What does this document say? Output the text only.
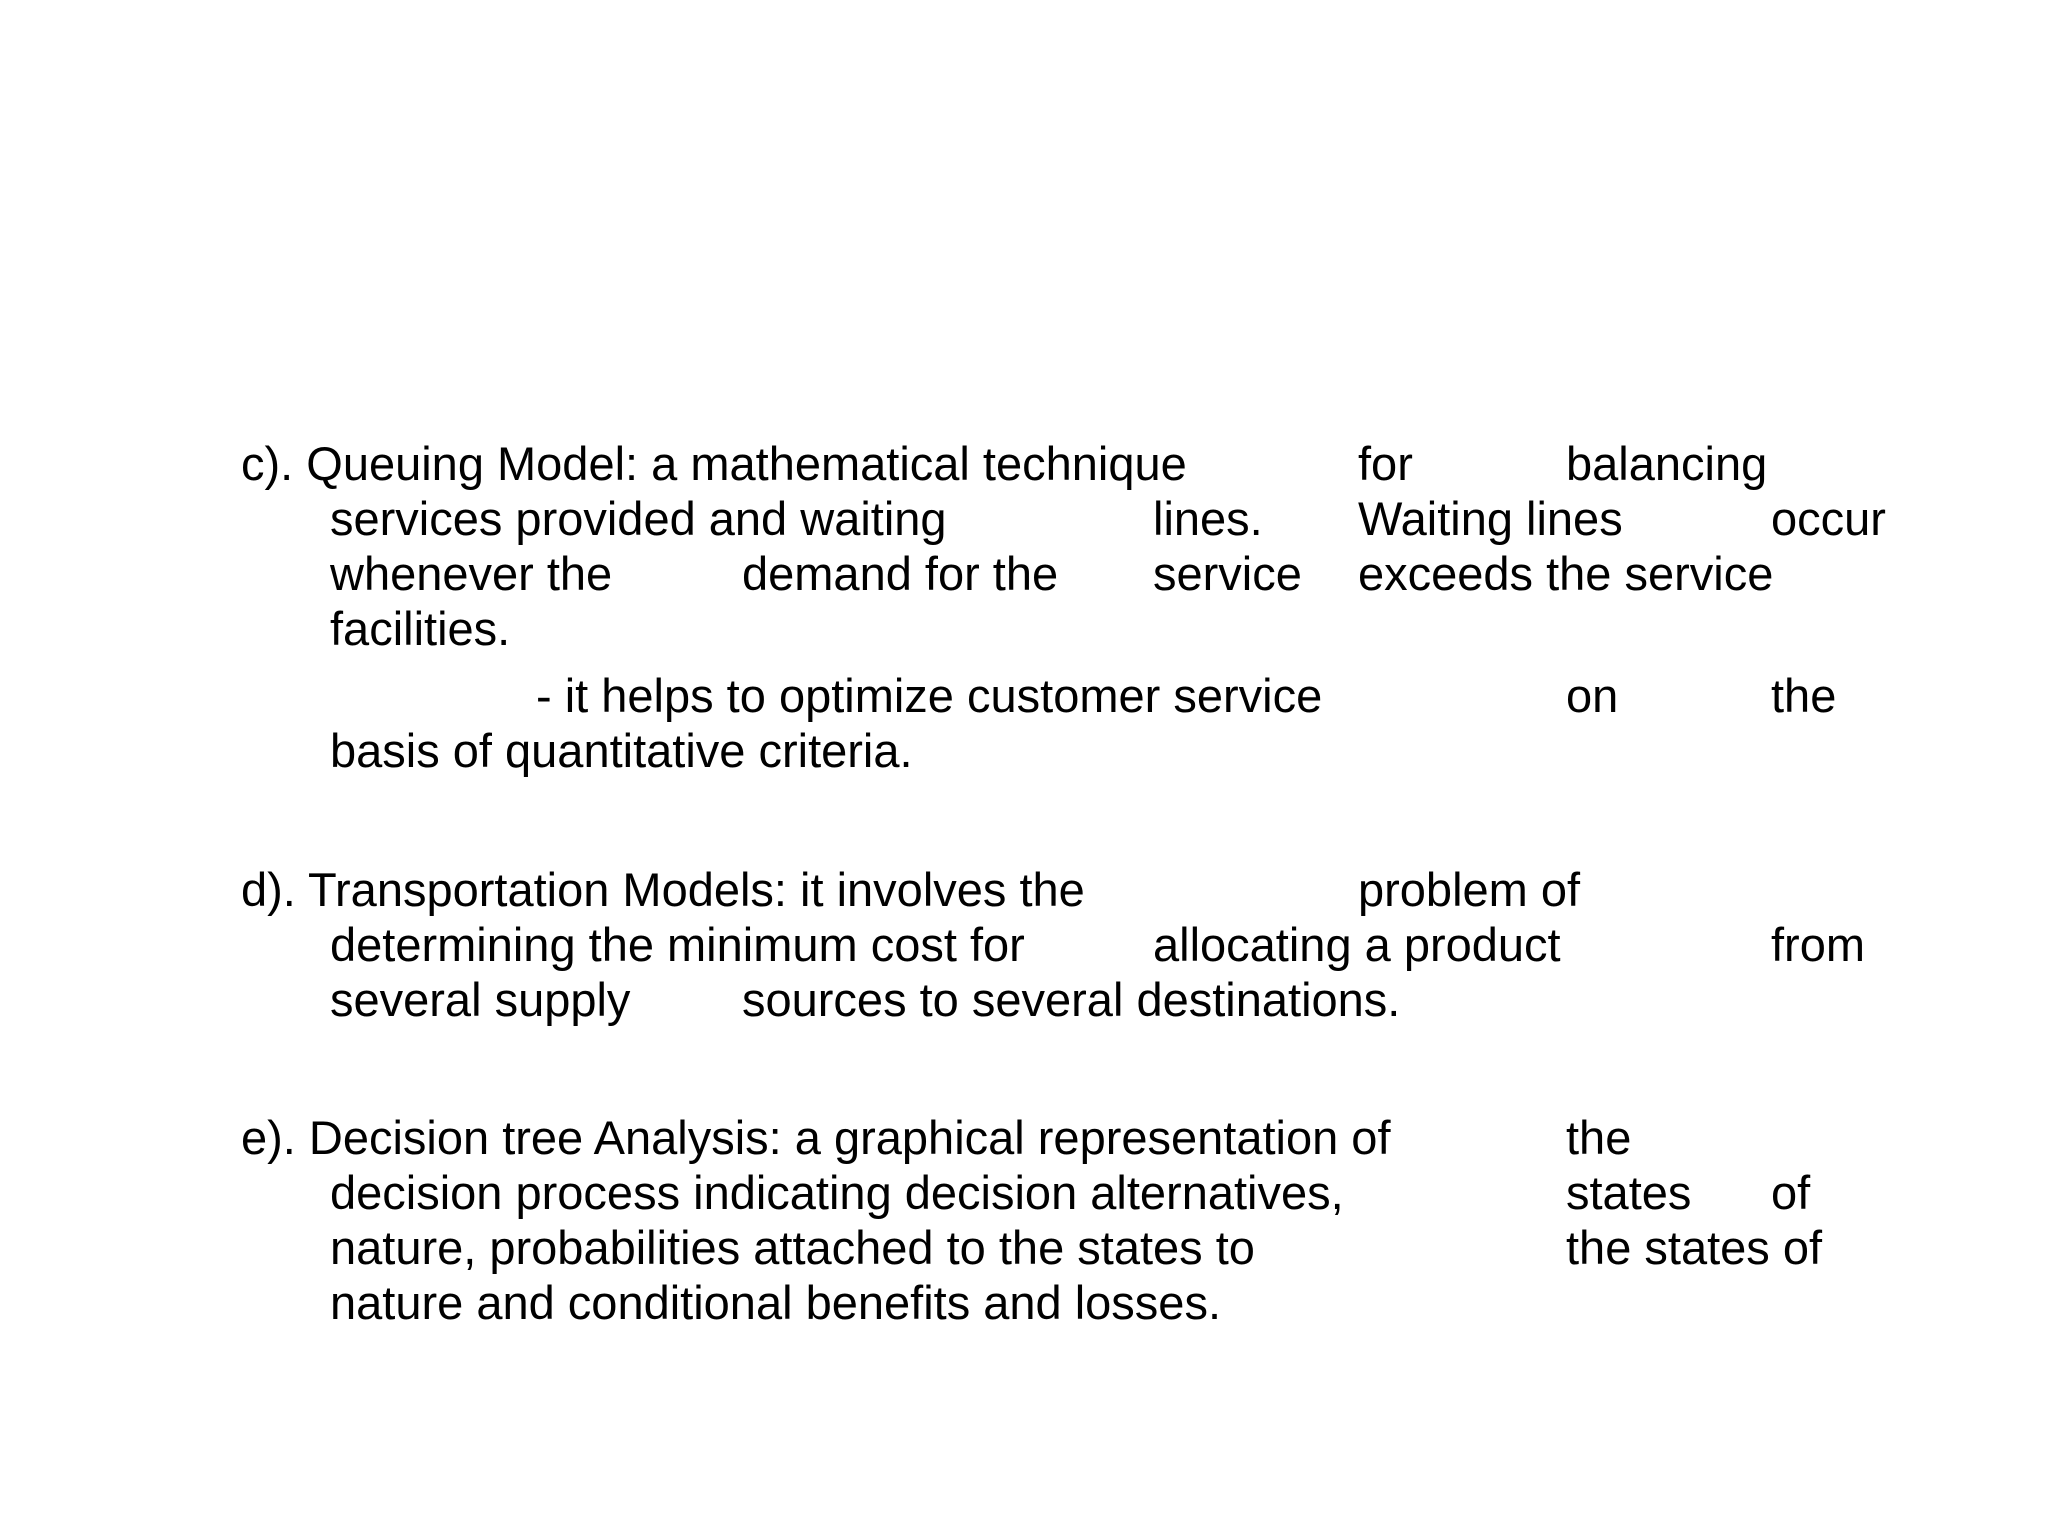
c). Queuing Model: a mathematical technique	for	balancing
services provided and waiting	lines. Waiting lines	occur
whenever the	demand for the service exceeds the service
facilities.
- it helps to optimize customer service	on	the
basis of quantitative criteria.
d). Transportation Models: it involves the	problem of
determining the minimum cost for	allocating a product	from
several supply sources to several destinations.
e). Decision tree Analysis: a graphical representation of	the
decision process indicating decision alternatives,	states of
nature, probabilities attached to the states to	the states of
nature and conditional benefits and losses.
